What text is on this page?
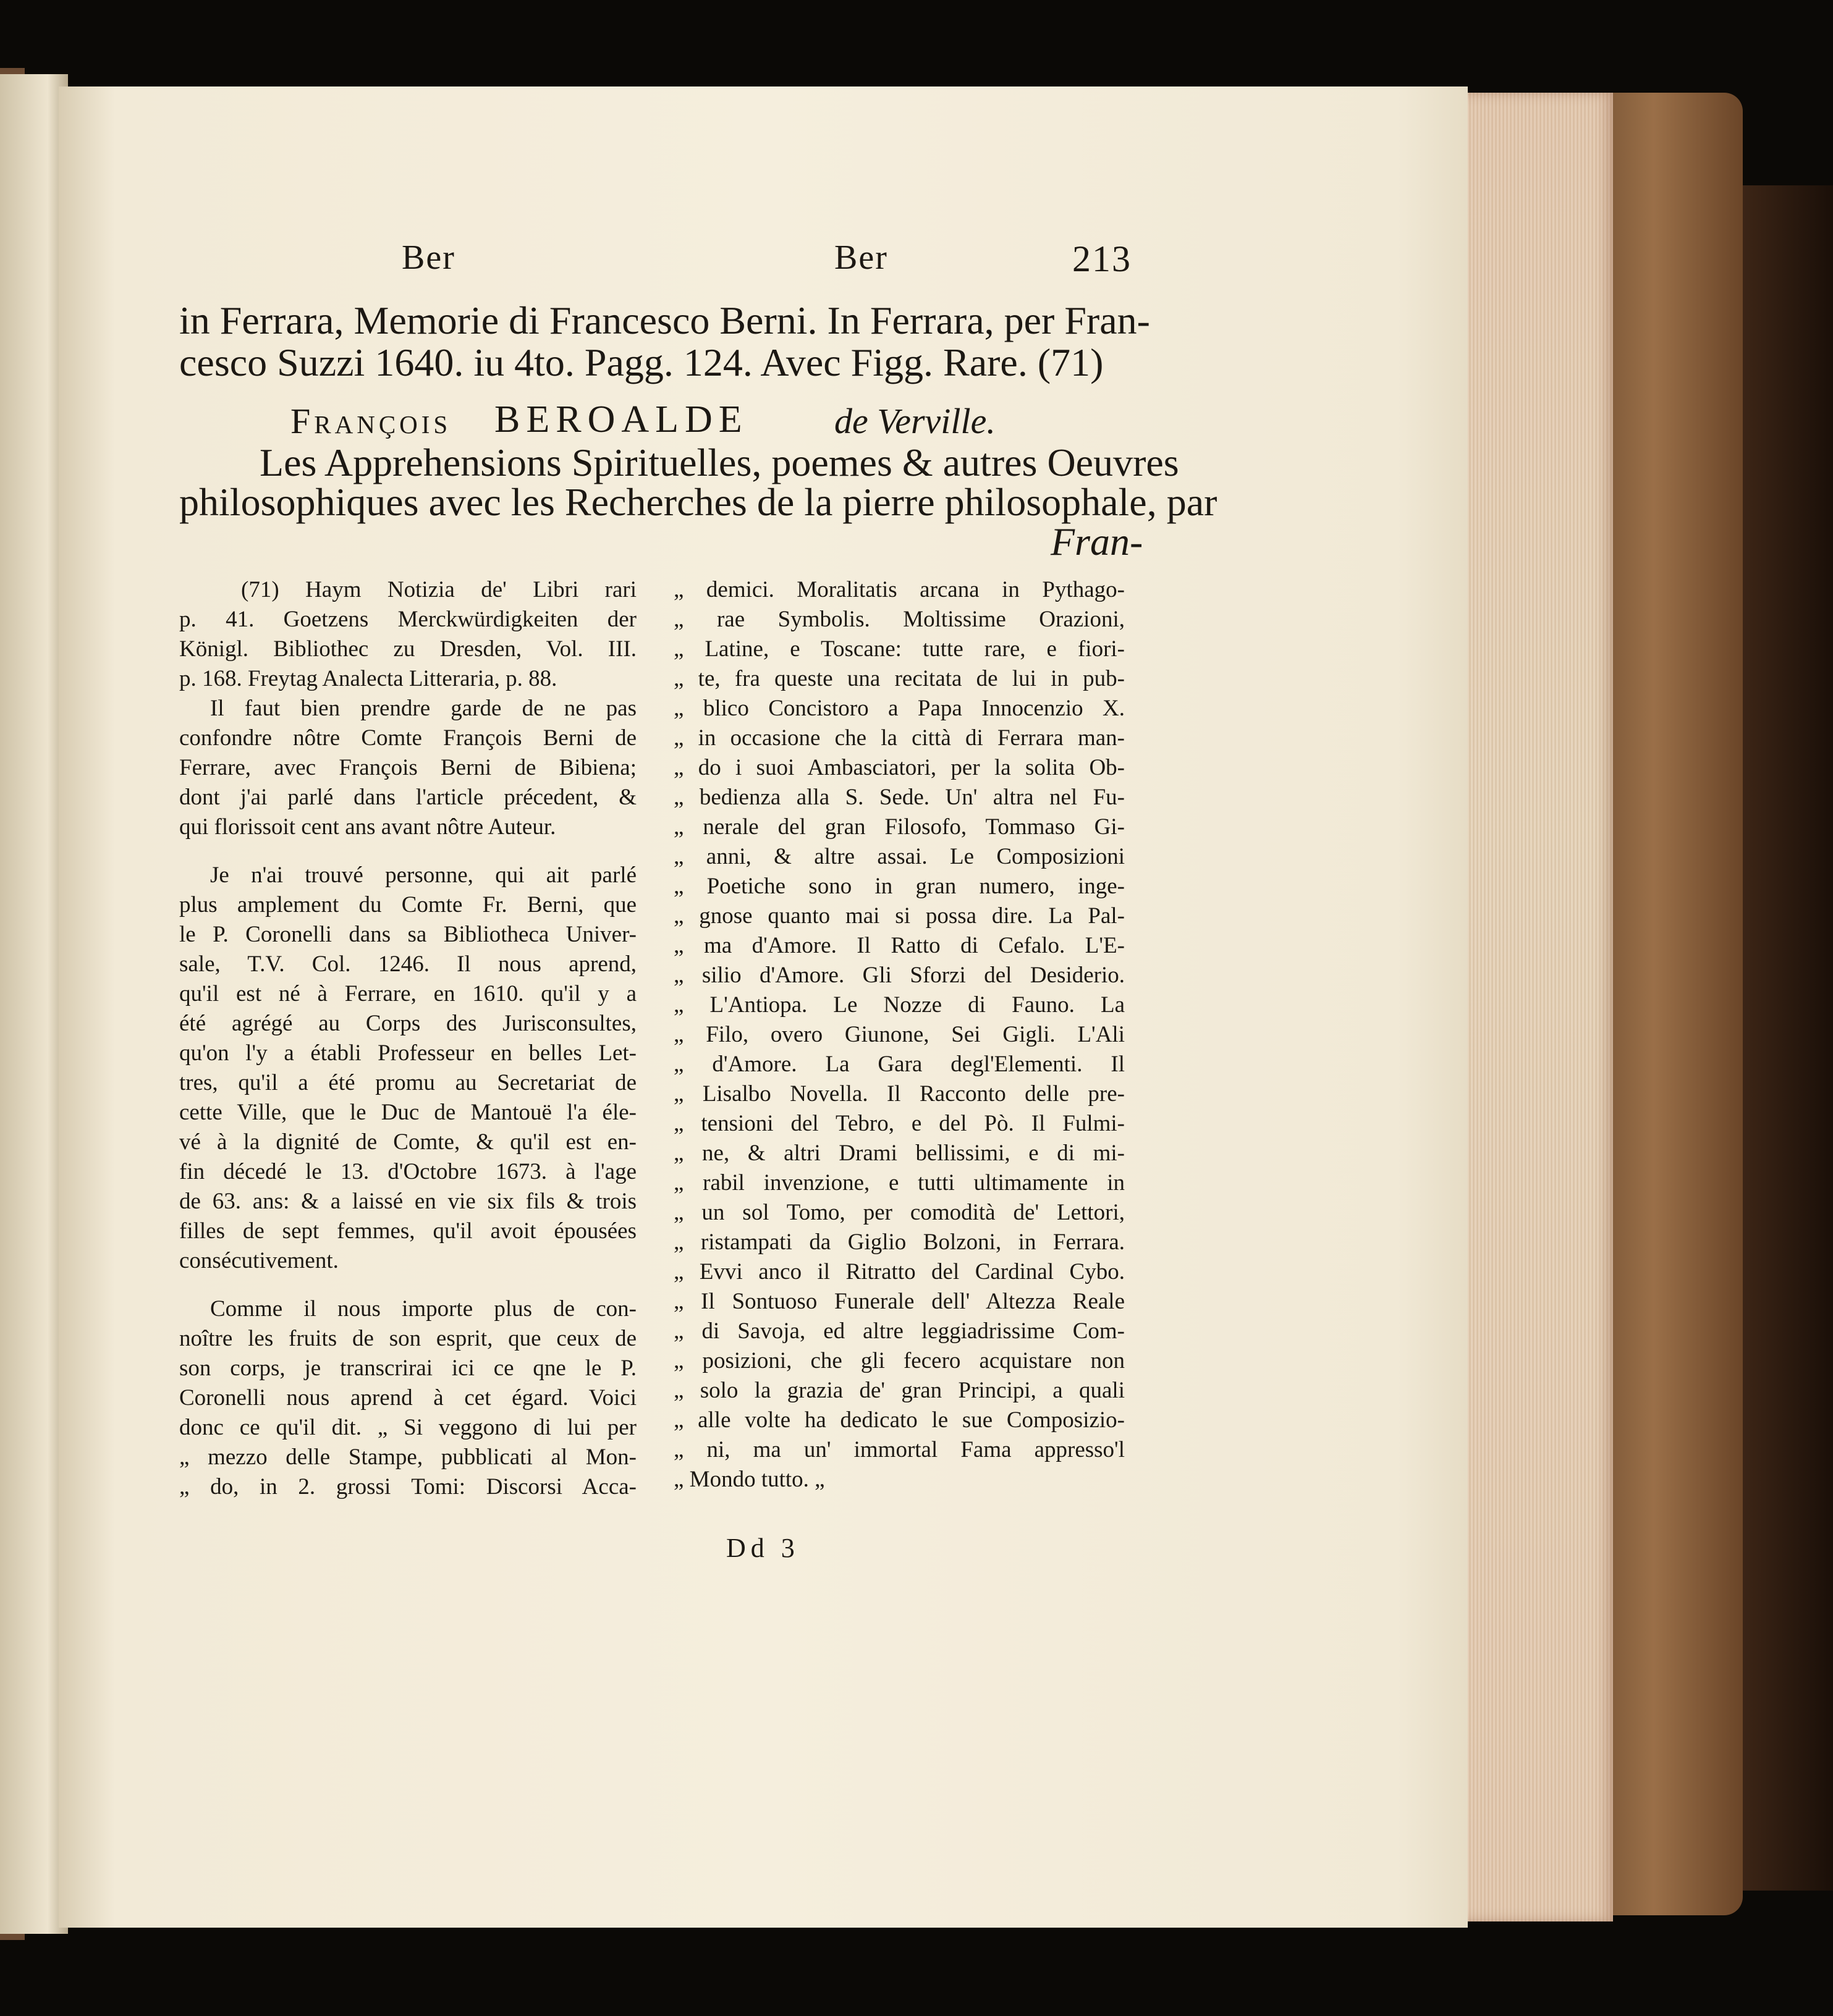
Ber	Ber	213
in Ferrara, Memorie di Francesco Berni. In Ferrara, per Fran-
cesco Suzzi 1640. iu 4to. Pagg. 124. Avec Figg. Rare. (71)
François BEROALDE de Verville.
Les Apprehensions Spirituelles, poemes & autres Oeuvres
philosophiques avec les Recherches de la pierre philosophale, par
Fran-
(71) Haym Notizia de' Libri rari
p. 41. Goetzens Merckwürdigkeiten der
Königl. Bibliothec zu Dresden, Vol. III.
p. 168. Freytag Analecta Litteraria, p. 88.
Il faut bien prendre garde de ne pas
confondre nôtre Comte François Berni de
Ferrare, avec François Berni de Bibiena;
dont j'ai parlé dans l'article précedent, &
qui florissoit cent ans avant nôtre Auteur.
Je n'ai trouvé personne, qui ait parlé
plus amplement du Comte Fr. Berni, que
le P. Coronelli dans sa Bibliotheca Univer-
sale, T.V. Col. 1246. Il nous aprend,
qu'il est né à Ferrare, en 1610. qu'il y a
été agrégé au Corps des Jurisconsultes,
qu'on l'y a établi Professeur en belles Let-
tres, qu'il a été promu au Secretariat de
cette Ville, que le Duc de Mantouë l'a éle-
vé à la dignité de Comte, & qu'il est en-
fin décedé le 13. d'Octobre 1673. à l'age
de 63. ans: & a laissé en vie six fils & trois
filles de sept femmes, qu'il avoit épousées
consécutivement.
Comme il nous importe plus de con-
noître les fruits de son esprit, que ceux de
son corps, je transcrirai ici ce qne le P.
Coronelli nous aprend à cet égard. Voici
donc ce qu'il dit. „ Si veggono di lui per
„ mezzo delle Stampe, pubblicati al Mon-
„ do, in 2. grossi Tomi: Discorsi Acca-
„ demici. Moralitatis arcana in Pythago-
„ rae Symbolis. Moltissime Orazioni,
„ Latine, e Toscane: tutte rare, e fiori-
„ te, fra queste una recitata de lui in pub-
„ blico Concistoro a Papa Innocenzio X.
„ in occasione che la città di Ferrara man-
„ do i suoi Ambasciatori, per la solita Ob-
„ bedienza alla S. Sede. Un' altra nel Fu-
„ nerale del gran Filosofo, Tommaso Gi-
„ anni, & altre assai. Le Composizioni
„ Poetiche sono in gran numero, inge-
„ gnose quanto mai si possa dire. La Pal-
„ ma d'Amore. Il Ratto di Cefalo. L'E-
„ silio d'Amore. Gli Sforzi del Desiderio.
„ L'Antiopa. Le Nozze di Fauno. La
„ Filo, overo Giunone, Sei Gigli. L'Ali
„ d'Amore. La Gara degl'Elementi. Il
„ Lisalbo Novella. Il Racconto delle pre-
„ tensioni del Tebro, e del Pò. Il Fulmi-
„ ne, & altri Drami bellissimi, e di mi-
„ rabil invenzione, e tutti ultimamente in
„ un sol Tomo, per comodità de' Lettori,
„ ristampati da Giglio Bolzoni, in Ferrara.
„ Evvi anco il Ritratto del Cardinal Cybo.
„ Il Sontuoso Funerale dell' Altezza Reale
„ di Savoja, ed altre leggiadrissime Com-
„ posizioni, che gli fecero acquistare non
„ solo la grazia de' gran Principi, a quali
„ alle volte ha dedicato le sue Composizio-
„ ni, ma un' immortal Fama appresso'l
„ Mondo tutto. „
Dd 3
